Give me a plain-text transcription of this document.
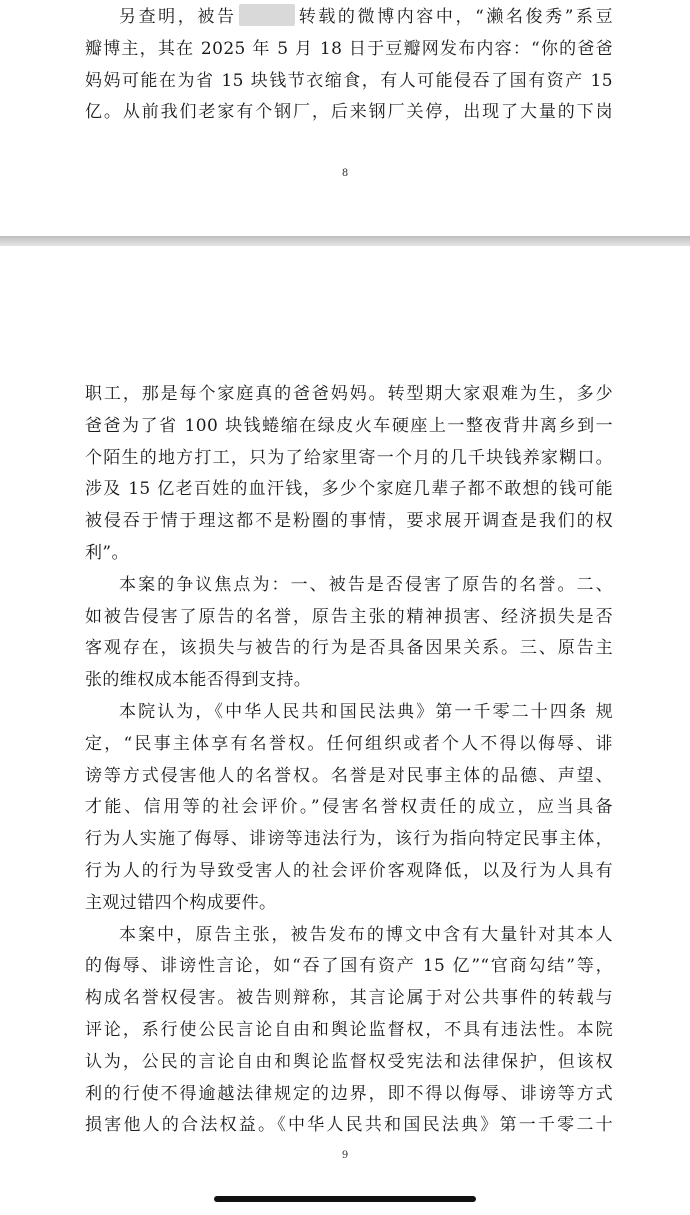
另查明，被告	转载的微博内容中，“濑名俊秀”系豆
瓣博主，其在 2025 年 5 月 18 日于豆瓣网发布内容：“你的爸爸
妈妈可能在为省 15 块钱节衣缩食，有人可能侵吞了国有资产 15
亿。从前我们老家有个钢厂，后来钢厂关停，出现了大量的下岗
8
职工，那是每个家庭真的爸爸妈妈。转型期大家艰难为生，多少
爸爸为了省 100 块钱蜷缩在绿皮火车硬座上一整夜背井离乡到一
个陌生的地方打工，只为了给家里寄一个月的几千块钱养家糊口。
涉及 15 亿老百姓的血汗钱，多少个家庭几辈子都不敢想的钱可能
被侵吞于情于理这都不是粉圈的事情，要求展开调查是我们的权
利”。
本案的争议焦点为：一、被告是否侵害了原告的名誉。二、
如被告侵害了原告的名誉，原告主张的精神损害、经济损失是否
客观存在，该损失与被告的行为是否具备因果关系。三、原告主
张的维权成本能否得到支持。
本院认为，《中华人民共和国民法典》第一千零二十四条 规
定，“民事主体享有名誉权。任何组织或者个人不得以侮辱、诽
谤等方式侵害他人的名誉权。名誉是对民事主体的品德、声望、
才能、信用等的社会评价。”侵害名誉权责任的成立，应当具备
行为人实施了侮辱、诽谤等违法行为，该行为指向特定民事主体，
行为人的行为导致受害人的社会评价客观降低，以及行为人具有
主观过错四个构成要件。
本案中，原告主张，被告发布的博文中含有大量针对其本人
的侮辱、诽谤性言论，如“吞了国有资产 15 亿”“官商勾结”等，
构成名誉权侵害。被告则辩称，其言论属于对公共事件的转载与
评论，系行使公民言论自由和舆论监督权，不具有违法性。本院
认为，公民的言论自由和舆论监督权受宪法和法律保护，但该权
利的行使不得逾越法律规定的边界，即不得以侮辱、诽谤等方式
损害他人的合法权益。《中华人民共和国民法典》第一千零二十
9
